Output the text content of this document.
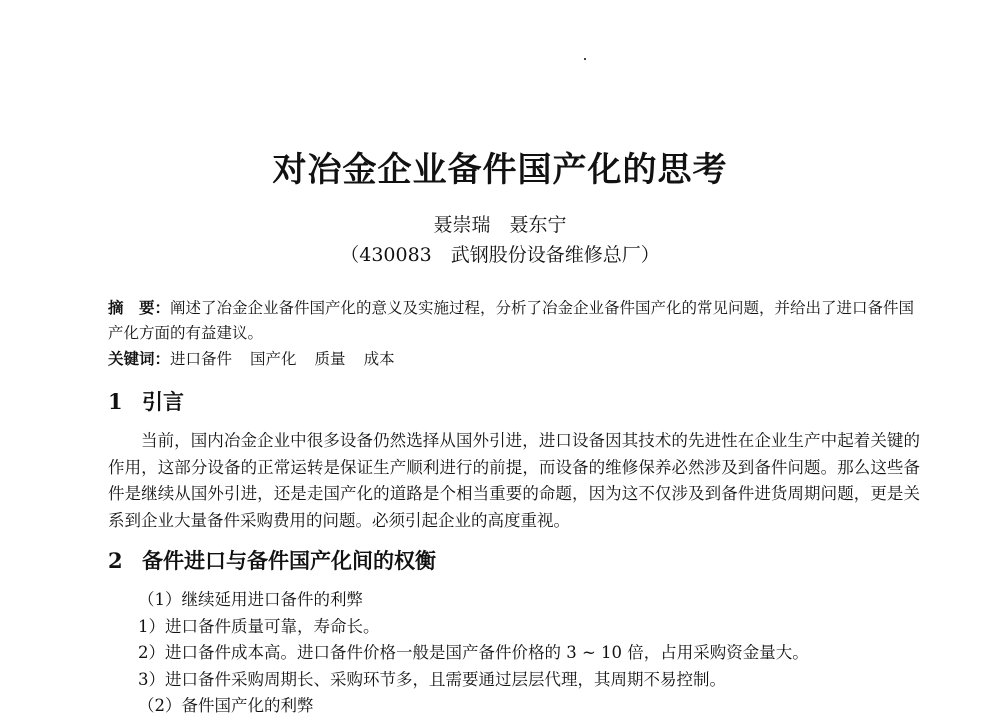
对冶金企业备件国产化的思考
聂崇瑞　聂东宁
（430083　武钢股份设备维修总厂）
摘　要：阐述了冶金企业备件国产化的意义及实施过程，分析了冶金企业备件国产化的常见问题，并给出了进口备件国产化方面的有益建议。
关键词：进口备件 国产化 质量 成本
1 引言
当前，国内冶金企业中很多设备仍然选择从国外引进，进口设备因其技术的先进性在企业生产中起着关键的作用，这部分设备的正常运转是保证生产顺利进行的前提，而设备的维修保养必然涉及到备件问题。那么这些备件是继续从国外引进，还是走国产化的道路是个相当重要的命题，因为这不仅涉及到备件进货周期问题，更是关系到企业大量备件采购费用的问题。必须引起企业的高度重视。
2 备件进口与备件国产化间的权衡
（1）继续延用进口备件的利弊
1）进口备件质量可靠，寿命长。
2）进口备件成本高。进口备件价格一般是国产备件价格的 3 ~ 10 倍，占用采购资金量大。
3）进口备件采购周期长、采购环节多，且需要通过层层代理，其周期不易控制。
（2）备件国产化的利弊
